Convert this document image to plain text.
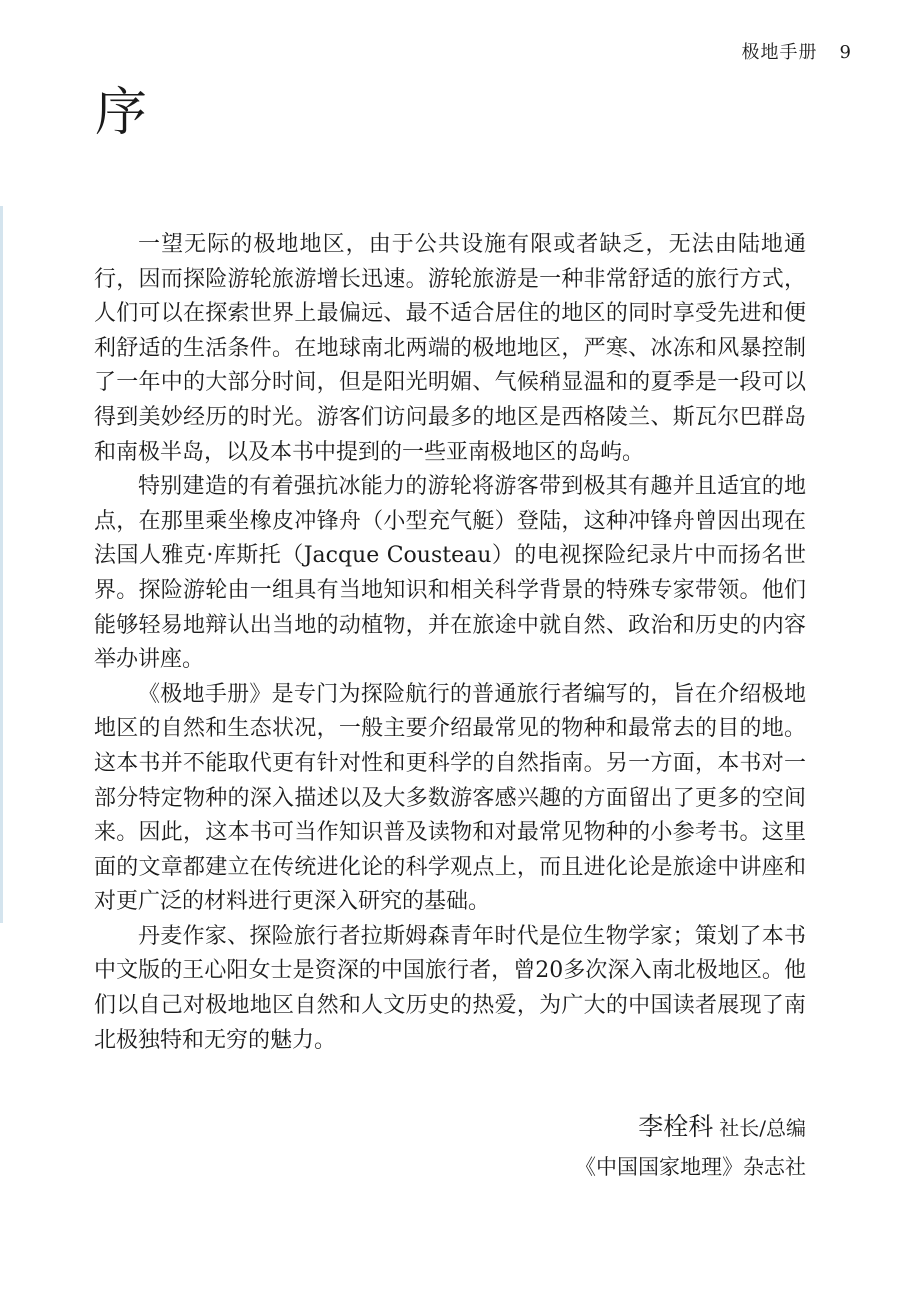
极地手册 9
序

一望无际的极地地区，由于公共设施有限或者缺乏，无法由陆地通行，因而探险游轮旅游增长迅速。游轮旅游是一种非常舒适的旅行方式，人们可以在探索世界上最偏远、最不适合居住的地区的同时享受先进和便利舒适的生活条件。在地球南北两端的极地地区，严寒、冰冻和风暴控制了一年中的大部分时间，但是阳光明媚、气候稍显温和的夏季是一段可以得到美妙经历的时光。游客们访问最多的地区是西格陵兰、斯瓦尔巴群岛和南极半岛，以及本书中提到的一些亚南极地区的岛屿。

特别建造的有着强抗冰能力的游轮将游客带到极其有趣并且适宜的地点，在那里乘坐橡皮冲锋舟（小型充气艇）登陆，这种冲锋舟曾因出现在法国人雅克·库斯托（Jacque Cousteau）的电视探险纪录片中而扬名世界。探险游轮由一组具有当地知识和相关科学背景的特殊专家带领。他们能够轻易地辩认出当地的动植物，并在旅途中就自然、政治和历史的内容举办讲座。

《极地手册》是专门为探险航行的普通旅行者编写的，旨在介绍极地地区的自然和生态状况，一般主要介绍最常见的物种和最常去的目的地。这本书并不能取代更有针对性和更科学的自然指南。另一方面，本书对一部分特定物种的深入描述以及大多数游客感兴趣的方面留出了更多的空间来。因此，这本书可当作知识普及读物和对最常见物种的小参考书。这里面的文章都建立在传统进化论的科学观点上，而且进化论是旅途中讲座和对更广泛的材料进行更深入研究的基础。

丹麦作家、探险旅行者拉斯姆森青年时代是位生物学家；策划了本书中文版的王心阳女士是资深的中国旅行者，曾20多次深入南北极地区。他们以自己对极地地区自然和人文历史的热爱，为广大的中国读者展现了南北极独特和无穷的魅力。

李栓科 社长/总编
《中国国家地理》杂志社
